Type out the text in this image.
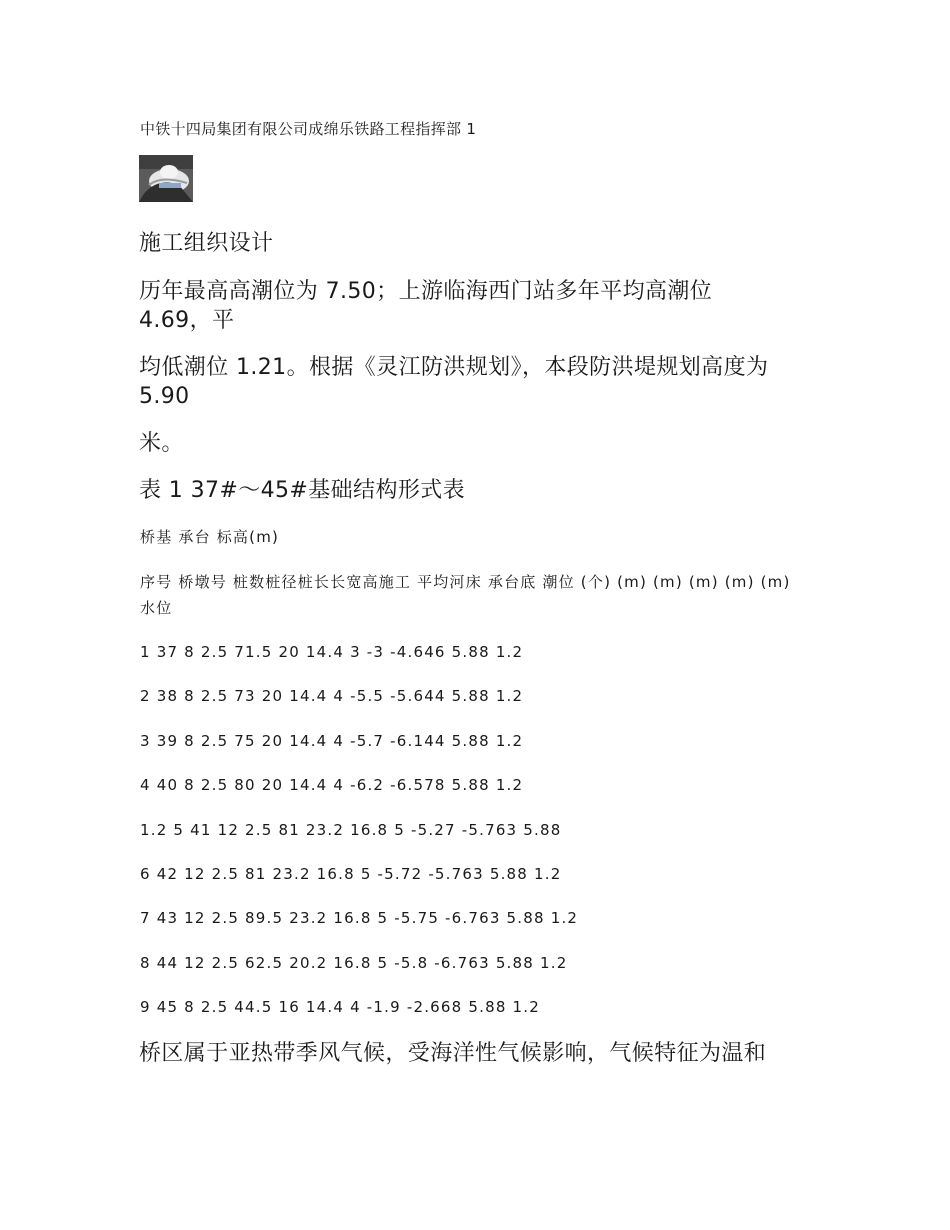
中铁十四局集团有限公司成绵乐铁路工程指挥部 1
施工组织设计
历年最高高潮位为 7.50；上游临海西门站多年平均高潮位
4.69，平
均低潮位 1.21。根据《灵江防洪规划》，本段防洪堤规划高度为
5.90
米。
表 1 37#～45#基础结构形式表
桥基 承台 标高(m)
序号 桥墩号 桩数桩径桩长长宽高施工 平均河床 承台底 潮位 (个) (m) (m) (m) (m) (m) 水位
1 37 8 2.5 71.5 20 14.4 3 -3 -4.646 5.88 1.2
2 38 8 2.5 73 20 14.4 4 -5.5 -5.644 5.88 1.2
3 39 8 2.5 75 20 14.4 4 -5.7 -6.144 5.88 1.2
4 40 8 2.5 80 20 14.4 4 -6.2 -6.578 5.88 1.2
1.2 5 41 12 2.5 81 23.2 16.8 5 -5.27 -5.763 5.88
6 42 12 2.5 81 23.2 16.8 5 -5.72 -5.763 5.88 1.2
7 43 12 2.5 89.5 23.2 16.8 5 -5.75 -6.763 5.88 1.2
8 44 12 2.5 62.5 20.2 16.8 5 -5.8 -6.763 5.88 1.2
9 45 8 2.5 44.5 16 14.4 4 -1.9 -2.668 5.88 1.2
桥区属于亚热带季风气候，受海洋性气候影响，气候特征为温和
